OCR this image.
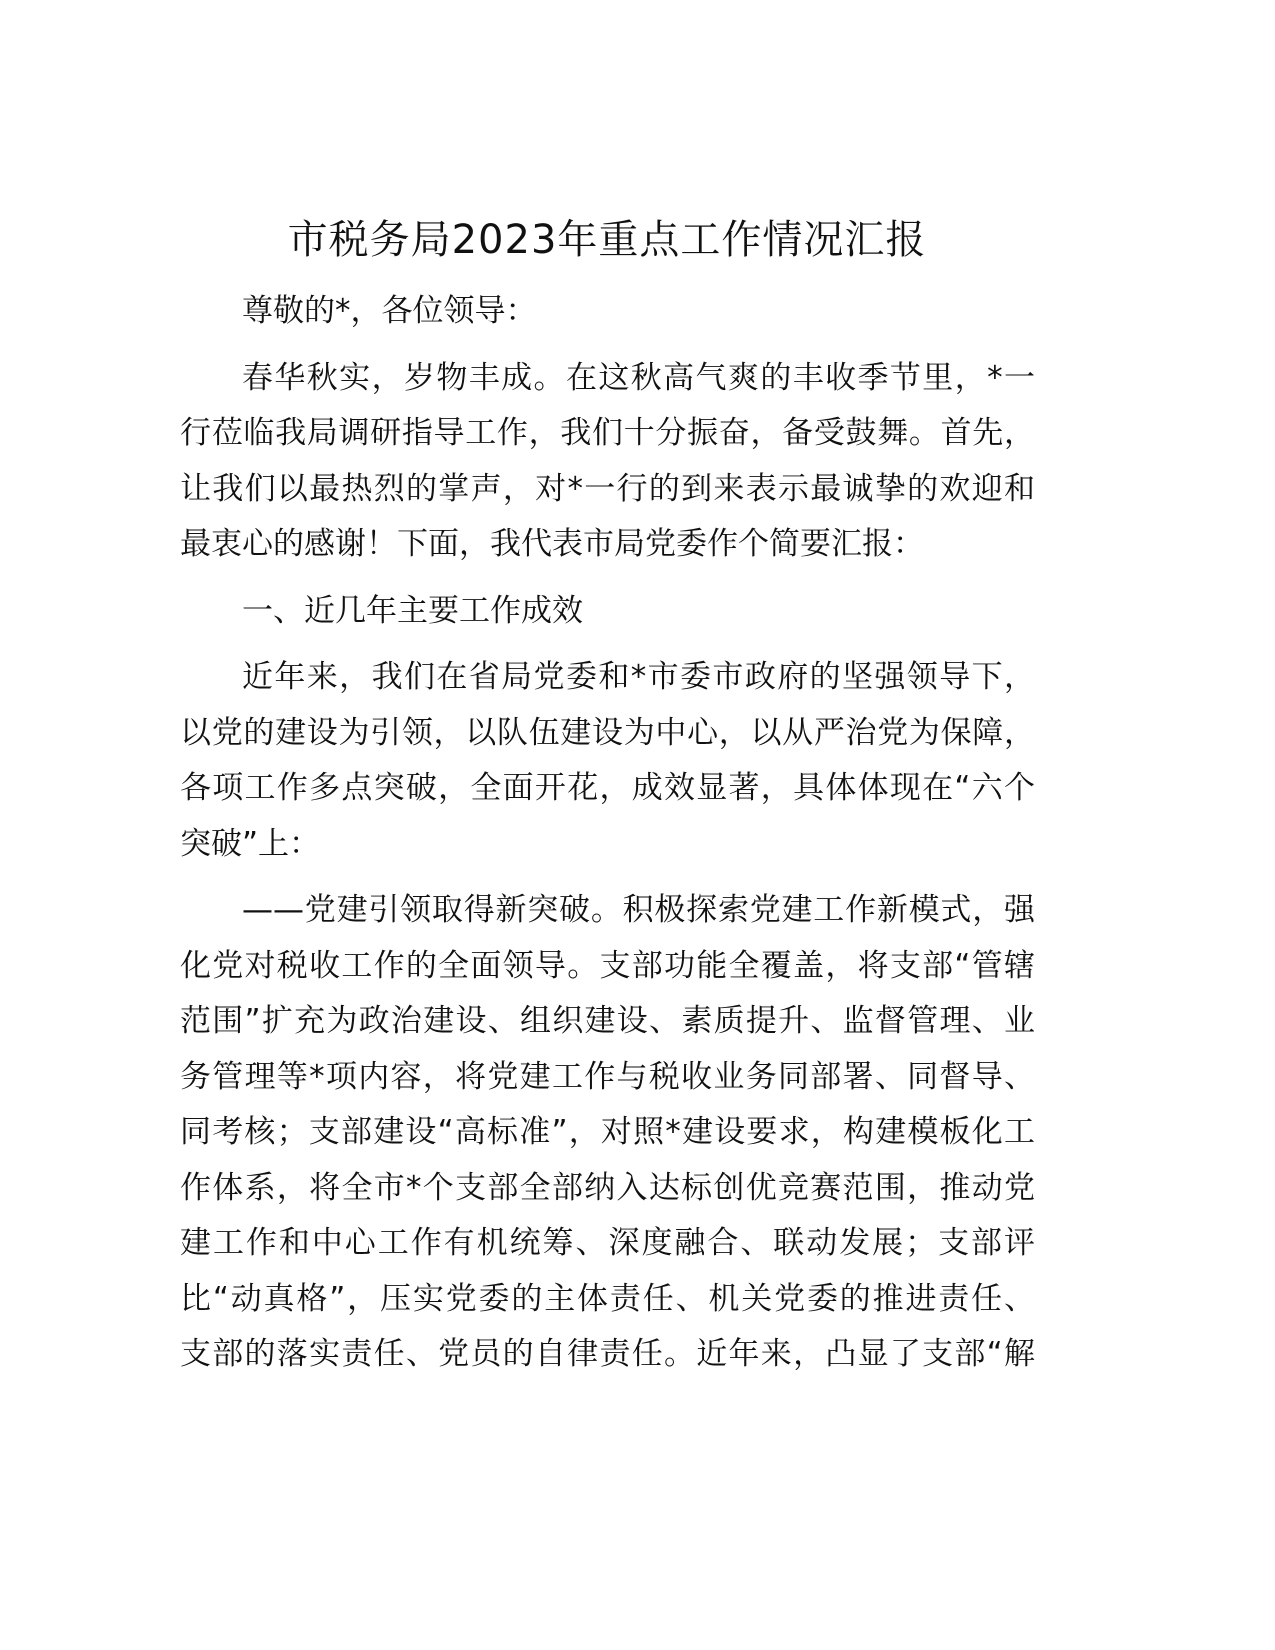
市税务局2023年重点工作情况汇报
尊敬的*，各位领导：
春华秋实，岁物丰成。在这秋高气爽的丰收季节里，*一
行莅临我局调研指导工作，我们十分振奋，备受鼓舞。首先，
让我们以最热烈的掌声，对*一行的到来表示最诚挚的欢迎和
最衷心的感谢！下面，我代表市局党委作个简要汇报：
一、近几年主要工作成效
近年来，我们在省局党委和*市委市政府的坚强领导下，
以党的建设为引领，以队伍建设为中心，以从严治党为保障，
各项工作多点突破，全面开花，成效显著，具体体现在“六个
突破”上：
——党建引领取得新突破。积极探索党建工作新模式，强
化党对税收工作的全面领导。支部功能全覆盖，将支部“管辖
范围”扩充为政治建设、组织建设、素质提升、监督管理、业
务管理等*项内容，将党建工作与税收业务同部署、同督导、
同考核；支部建设“高标准”，对照*建设要求，构建模板化工
作体系，将全市*个支部全部纳入达标创优竞赛范围，推动党
建工作和中心工作有机统筹、深度融合、联动发展；支部评
比“动真格”，压实党委的主体责任、机关党委的推进责任、
支部的落实责任、党员的自律责任。近年来，凸显了支部“解
